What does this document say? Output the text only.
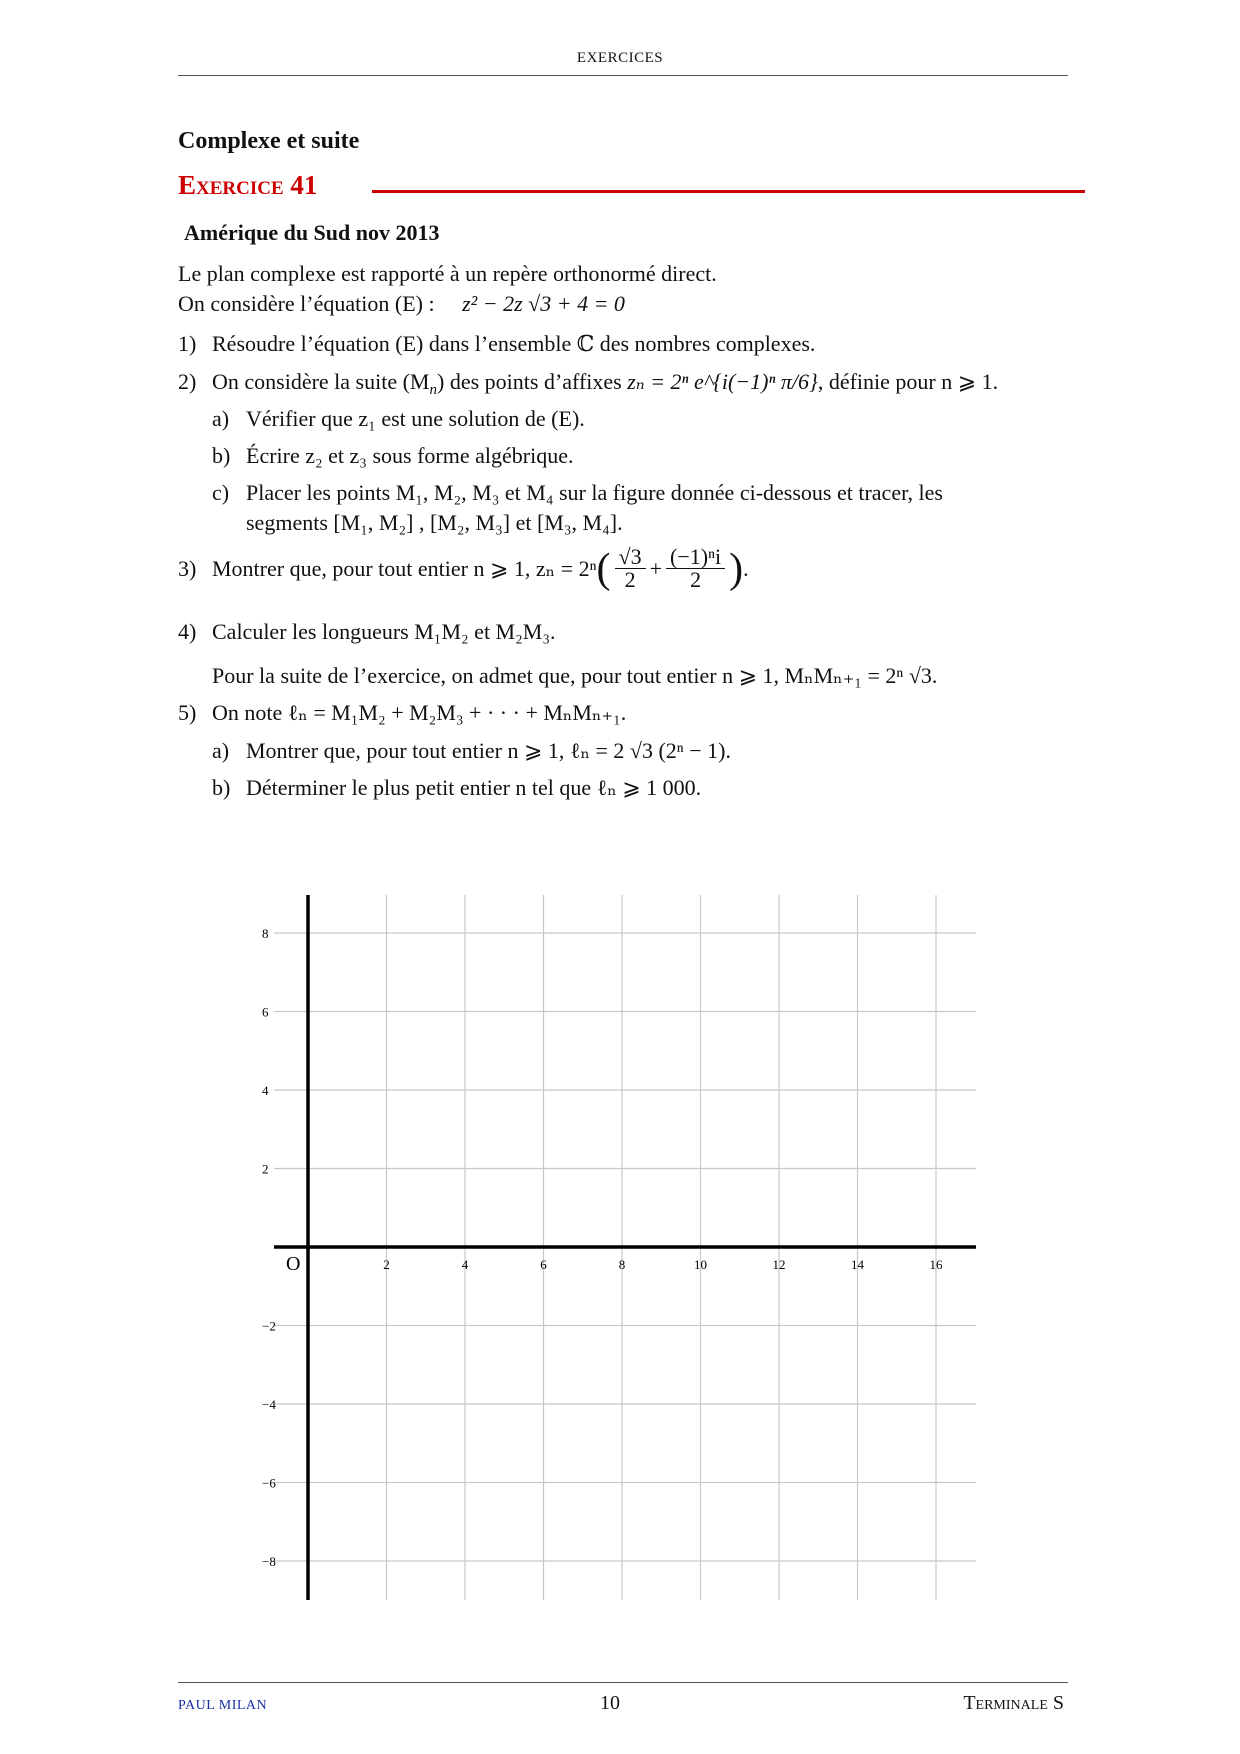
EXERCICES
Complexe et suite
Exercice 41
Amérique du Sud nov 2013
Le plan complexe est rapporté à un repère orthonormé direct.
On considère l’équation (E) : z² − 2z √3 + 4 = 0
1) Résoudre l’équation (E) dans l’ensemble ℂ des nombres complexes.
2) On considère la suite $(M_n)$ des points d’affixes zₙ = 2ⁿ e^{i(−1)ⁿ π/6}, définie pour n ⩾ 1.
a) Vérifier que z₁ est une solution de (E).
b) Écrire z₂ et z₃ sous forme algébrique.
c) Placer les points M₁, M₂, M₃ et M₄ sur la figure donnée ci-dessous et tracer, les
segments [M₁, M₂] , [M₂, M₃] et [M₃, M₄].
3) Montrer que, pour tout entier n ⩾ 1, zₙ = 2ⁿ ( $\frac{√3}{2} + \frac{\text{(−1)ⁿi}}{2}$ ) .
4) Calculer les longueurs M₁M₂ et M₂M₃.
Pour la suite de l’exercice, on admet que, pour tout entier n ⩾ 1, MₙMₙ₊₁ = 2ⁿ √3.
5) On note ℓₙ = M₁M₂ + M₂M₃ + · · · + MₙMₙ₊₁.
a) Montrer que, pour tout entier n ⩾ 1, ℓₙ = 2 √3 (2ⁿ − 1).
b) Déterminer le plus petit entier n tel que ℓₙ ⩾ 1 000.
2	4	6	8	10	12	14	16
8
6
4
2
−2
−4
−6
−8
O
PAUL MILAN	10	Terminale S
